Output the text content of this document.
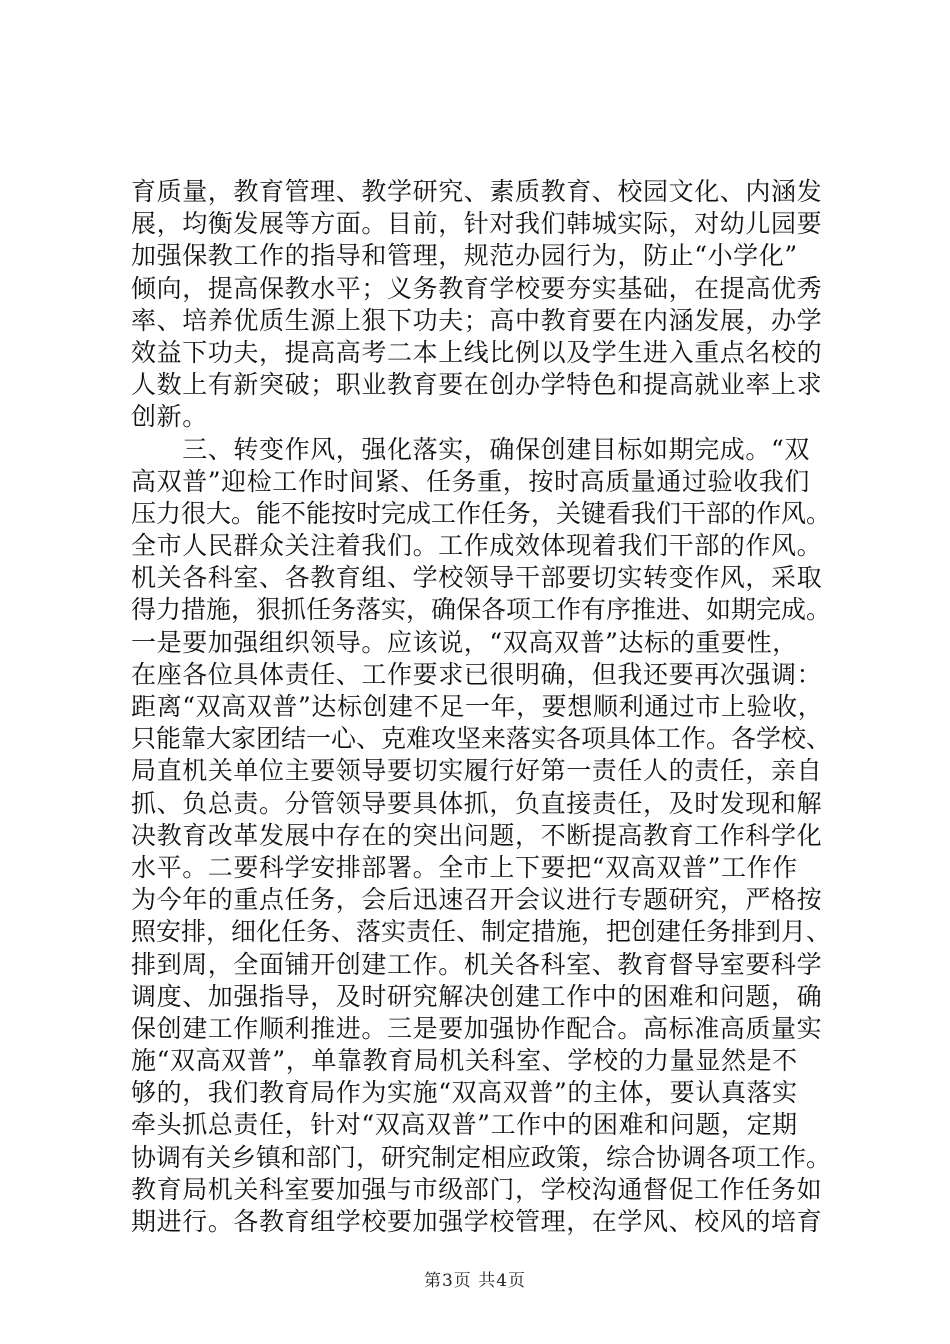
育质量，教育管理、教学研究、素质教育、校园文化、内涵发
展，均衡发展等方面。目前，针对我们韩城实际，对幼儿园要
加强保教工作的指导和管理，规范办园行为，防止“小学化”
倾向，提高保教水平；义务教育学校要夯实基础，在提高优秀
率、培养优质生源上狠下功夫；高中教育要在内涵发展，办学
效益下功夫，提高高考二本上线比例以及学生进入重点名校的
人数上有新突破；职业教育要在创办学特色和提高就业率上求
创新。
　　三、转变作风，强化落实，确保创建目标如期完成。“双
高双普”迎检工作时间紧、任务重，按时高质量通过验收我们
压力很大。能不能按时完成工作任务，关键看我们干部的作风。
全市人民群众关注着我们。工作成效体现着我们干部的作风。
机关各科室、各教育组、学校领导干部要切实转变作风，采取
得力措施，狠抓任务落实，确保各项工作有序推进、如期完成。
一是要加强组织领导。应该说，“双高双普”达标的重要性，
在座各位具体责任、工作要求已很明确，但我还要再次强调：
距离“双高双普”达标创建不足一年，要想顺利通过市上验收，
只能靠大家团结一心、克难攻坚来落实各项具体工作。各学校、
局直机关单位主要领导要切实履行好第一责任人的责任，亲自
抓、负总责。分管领导要具体抓，负直接责任，及时发现和解
决教育改革发展中存在的突出问题，不断提高教育工作科学化
水平。二要科学安排部署。全市上下要把“双高双普”工作作
为今年的重点任务，会后迅速召开会议进行专题研究，严格按
照安排，细化任务、落实责任、制定措施，把创建任务排到月、
排到周，全面铺开创建工作。机关各科室、教育督导室要科学
调度、加强指导，及时研究解决创建工作中的困难和问题，确
保创建工作顺利推进。三是要加强协作配合。高标准高质量实
施“双高双普”，单靠教育局机关科室、学校的力量显然是不
够的，我们教育局作为实施“双高双普”的主体，要认真落实
牵头抓总责任，针对“双高双普”工作中的困难和问题，定期
协调有关乡镇和部门，研究制定相应政策，综合协调各项工作。
教育局机关科室要加强与市级部门，学校沟通督促工作任务如
期进行。各教育组学校要加强学校管理，在学风、校风的培育
第3页 共4页
